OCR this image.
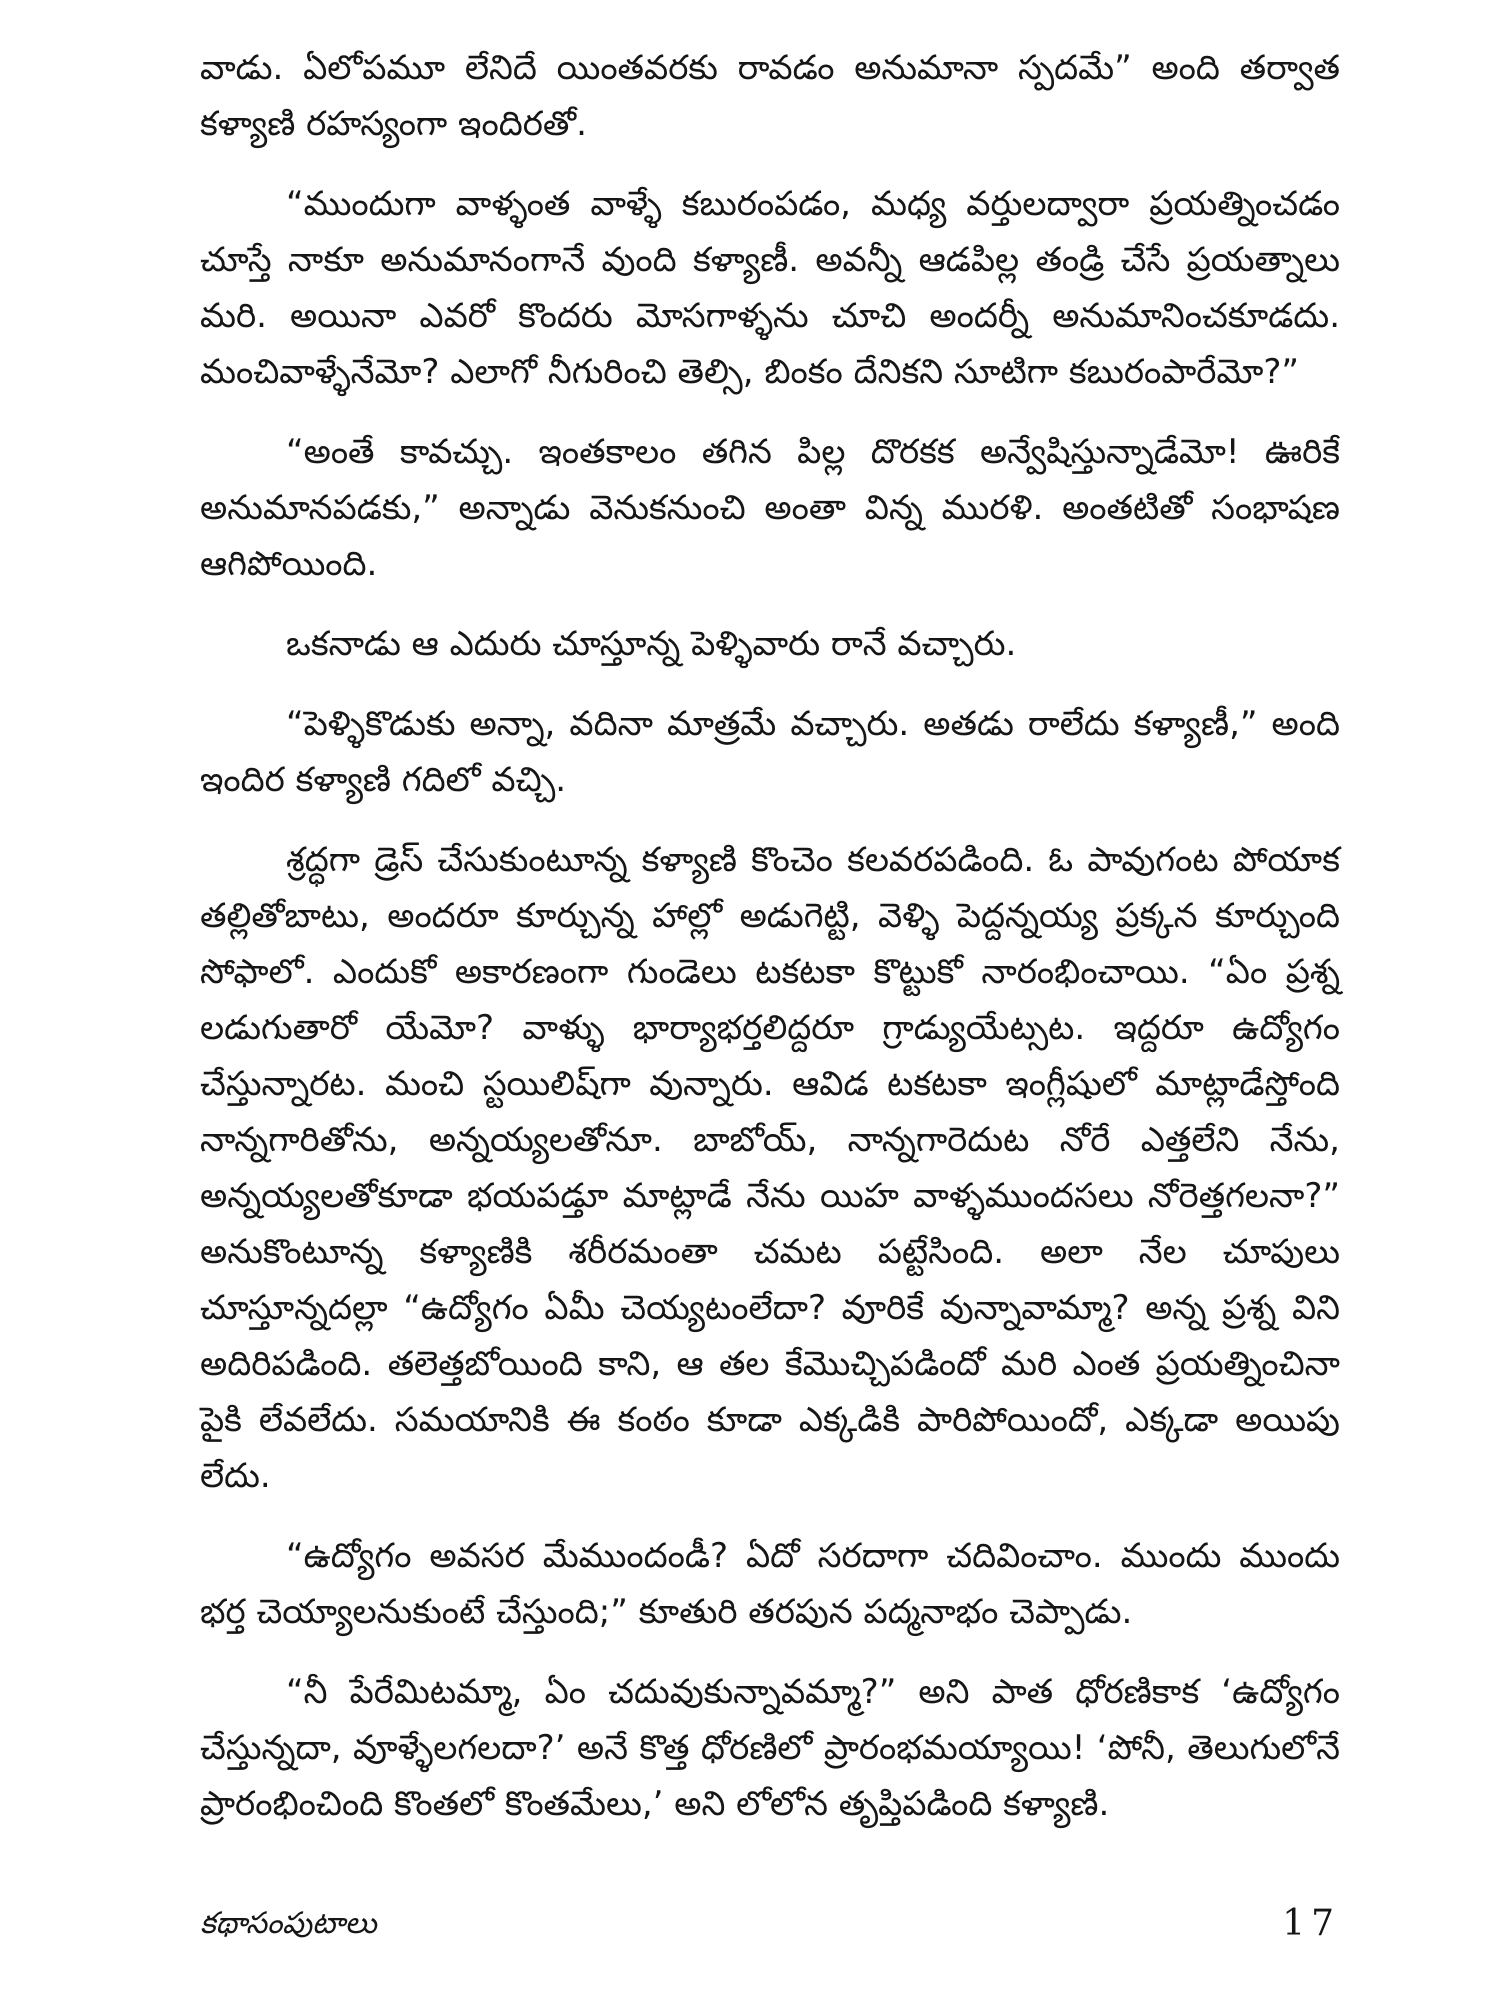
వాడు. ఏలోపమూ లేనిదే యింతవరకు రావడం అనుమానా స్పదమే” అంది తర్వాత కళ్యాణి రహస్యంగా ఇందిరతో.

“ముందుగా వాళ్ళంత వాళ్ళే కబురంపడం, మధ్య వర్తులద్వారా ప్రయత్నించడం చూస్తే నాకూ అనుమానంగానే వుంది కళ్యాణీ. అవన్నీ ఆడపిల్ల తండ్రి చేసే ప్రయత్నాలు మరి. అయినా ఎవరో కొందరు మోసగాళ్ళను చూచి అందర్నీ అనుమానించకూడదు. మంచివాళ్ళేనేమో? ఎలాగో నీగురించి తెల్సి, బింకం దేనికని సూటిగా కబురంపారేమో?”

“అంతే కావచ్చు. ఇంతకాలం తగిన పిల్ల దొరకక అన్వేషిస్తున్నాడేమో! ఊరికే అనుమానపడకు,” అన్నాడు వెనుకనుంచి అంతా విన్న మురళి. అంతటితో సంభాషణ ఆగిపోయింది.

ఒకనాడు ఆ ఎదురు చూస్తూన్న పెళ్ళివారు రానే వచ్చారు.

“పెళ్ళికొడుకు అన్నా, వదినా మాత్రమే వచ్చారు. అతడు రాలేదు కళ్యాణీ,” అంది ఇందిర కళ్యాణి గదిలో వచ్చి.

శ్రద్ధగా డ్రెస్ చేసుకుంటూన్న కళ్యాణి కొంచెం కలవరపడింది. ఓ పావుగంట పోయాక తల్లితోబాటు, అందరూ కూర్చున్న హాల్లో అడుగెట్టి, వెళ్ళి పెద్దన్నయ్య ప్రక్కన కూర్చుంది సోఫాలో. ఎందుకో అకారణంగా గుండెలు టకటకా కొట్టుకో నారంభించాయి. “ఏం ప్రశ్న లడుగుతారో యేమో? వాళ్ళు భార్యాభర్తలిద్దరూ గ్రాడ్యుయేట్సట. ఇద్దరూ ఉద్యోగం చేస్తున్నారట. మంచి స్టయిలిష్‌గా వున్నారు. ఆవిడ టకటకా ఇంగ్లీషులో మాట్లాడేస్తోంది నాన్నగారితోను, అన్నయ్యలతోనూ. బాబోయ్, నాన్నగారెదుట నోరే ఎత్తలేని నేను, అన్నయ్యలతోకూడా భయపడ్తూ మాట్లాడే నేను యిహ వాళ్ళముందసలు నోరెత్తగలనా?” అనుకొంటూన్న కళ్యాణికి శరీరమంతా చమట పట్టేసింది. అలా నేల చూపులు చూస్తూన్నదల్లా “ఉద్యోగం ఏమీ చెయ్యటంలేదా? వూరికే వున్నావామ్మా? అన్న ప్రశ్న విని అదిరిపడింది. తలెత్తబోయింది కాని, ఆ తల కేమొచ్చిపడిందో మరి ఎంత ప్రయత్నించినా పైకి లేవలేదు. సమయానికి ఈ కంఠం కూడా ఎక్కడికి పారిపోయిందో, ఎక్కడా అయిపు లేదు.

“ఉద్యోగం అవసర మేముందండీ? ఏదో సరదాగా చదివించాం. ముందు ముందు భర్త చెయ్యాలనుకుంటే చేస్తుంది;” కూతురి తరపున పద్మనాభం చెప్పాడు.

“నీ పేరేమిటమ్మా, ఏం చదువుకున్నావమ్మా?” అని పాత ధోరణికాక ‘ఉద్యోగం చేస్తున్నదా, వూళ్ళేలగలదా?’ అనే కొత్త ధోరణిలో ప్రారంభమయ్యాయి! ‘పోనీ, తెలుగులోనే ప్రారంభించింది కొంతలో కొంతమేలు,’ అని లోలోన తృప్తిపడింది కళ్యాణి.

కథాసంపుటాలు	17
